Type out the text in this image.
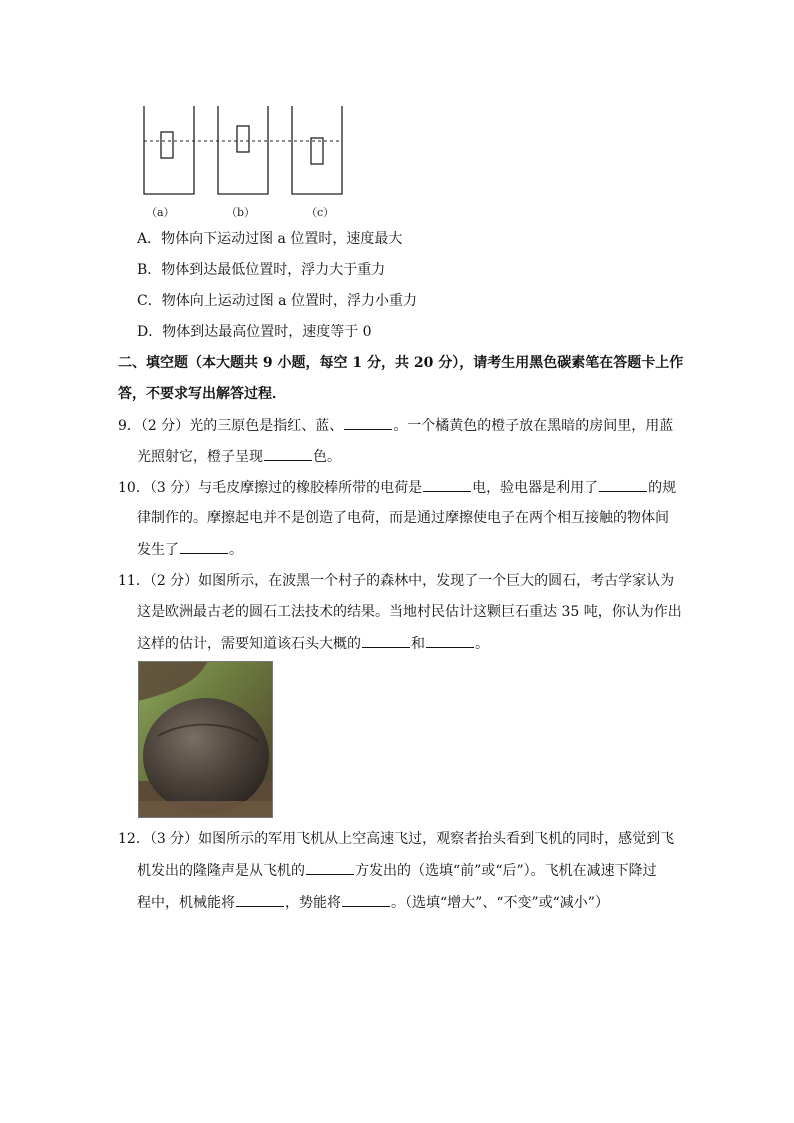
（a）	（b）	（c）
A．物体向下运动过图 a 位置时，速度最大
B．物体到达最低位置时，浮力大于重力
C．物体向上运动过图 a 位置时，浮力小重力
D．物体到达最高位置时，速度等于 0
二、填空题（本大题共 9 小题，每空 1 分，共 20 分），请考生用黑色碳素笔在答题卡上作
答，不要求写出解答过程．
9．（2 分）光的三原色是指红、蓝、	。一个橘黄色的橙子放在黑暗的房间里，用蓝
光照射它，橙子呈现	色。
10．（3 分）与毛皮摩擦过的橡胶棒所带的电荷是	电，验电器是利用了	的规
律制作的。摩擦起电并不是创造了电荷，而是通过摩擦使电子在两个相互接触的物体间
发生了	。
11．（2 分）如图所示，在波黑一个村子的森林中，发现了一个巨大的圆石，考古学家认为
这是欧洲最古老的圆石工法技术的结果。当地村民估计这颗巨石重达 35 吨，你认为作出
这样的估计，需要知道该石头大概的	和	。
12．（3 分）如图所示的军用飞机从上空高速飞过，观察者抬头看到飞机的同时，感觉到飞
机发出的隆隆声是从飞机的	方发出的（选填“前”或“后”）。飞机在减速下降过
程中，机械能将	，势能将	。（选填“增大”、“不变”或“减小”）
